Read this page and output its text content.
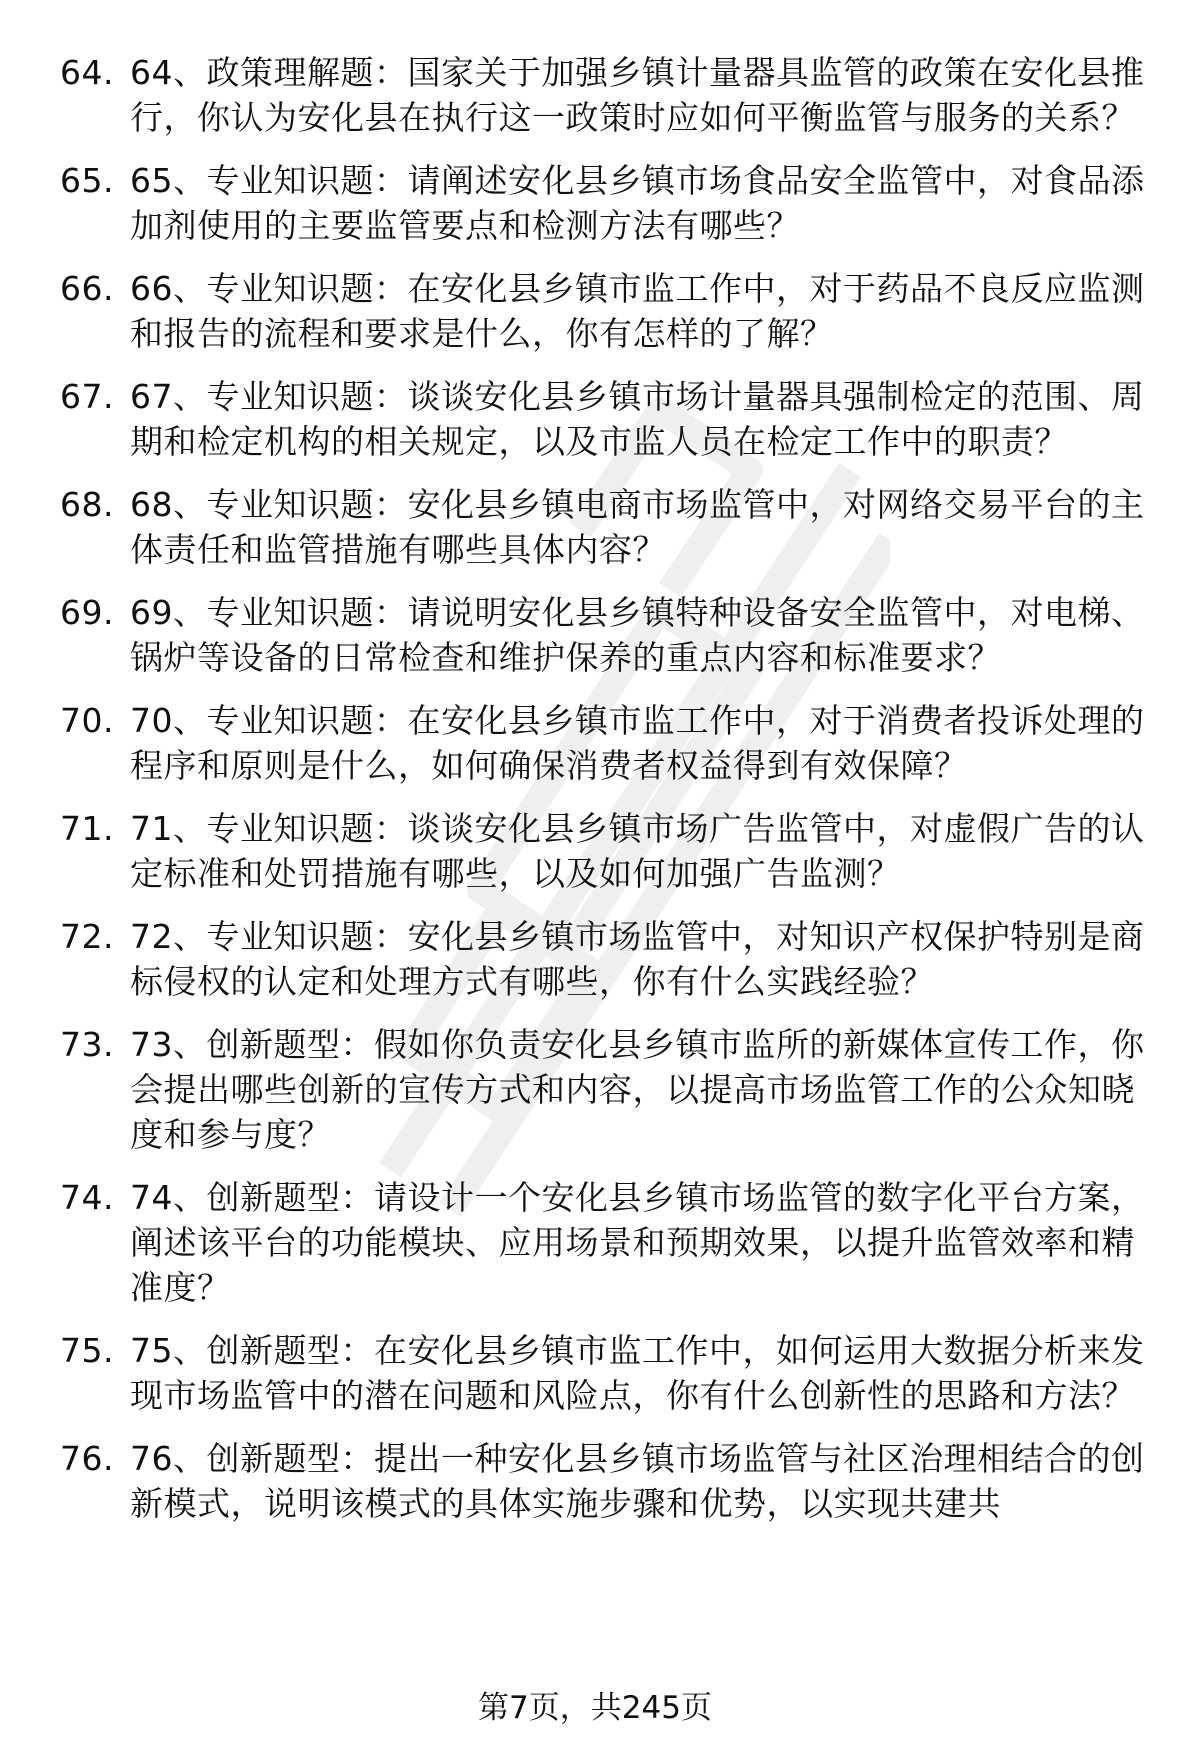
64. 64、政策理解题：国家关于加强乡镇计量器具监管的政策在安化县推行，你认为安化县在执行这一政策时应如何平衡监管与服务的关系？
65. 65、专业知识题：请阐述安化县乡镇市场食品安全监管中，对食品添加剂使用的主要监管要点和检测方法有哪些？
66. 66、专业知识题：在安化县乡镇市监工作中，对于药品不良反应监测和报告的流程和要求是什么，你有怎样的了解？
67. 67、专业知识题：谈谈安化县乡镇市场计量器具强制检定的范围、周期和检定机构的相关规定，以及市监人员在检定工作中的职责？
68. 68、专业知识题：安化县乡镇电商市场监管中，对网络交易平台的主体责任和监管措施有哪些具体内容？
69. 69、专业知识题：请说明安化县乡镇特种设备安全监管中，对电梯、锅炉等设备的日常检查和维护保养的重点内容和标准要求？
70. 70、专业知识题：在安化县乡镇市监工作中，对于消费者投诉处理的程序和原则是什么，如何确保消费者权益得到有效保障？
71. 71、专业知识题：谈谈安化县乡镇市场广告监管中，对虚假广告的认定标准和处罚措施有哪些，以及如何加强广告监测？
72. 72、专业知识题：安化县乡镇市场监管中，对知识产权保护特别是商标侵权的认定和处理方式有哪些，你有什么实践经验？
73. 73、创新题型：假如你负责安化县乡镇市监所的新媒体宣传工作，你会提出哪些创新的宣传方式和内容，以提高市场监管工作的公众知晓度和参与度？
74. 74、创新题型：请设计一个安化县乡镇市场监管的数字化平台方案，阐述该平台的功能模块、应用场景和预期效果，以提升监管效率和精准度？
75. 75、创新题型：在安化县乡镇市监工作中，如何运用大数据分析来发现市场监管中的潜在问题和风险点，你有什么创新性的思路和方法？
76. 76、创新题型：提出一种安化县乡镇市场监管与社区治理相结合的创新模式，说明该模式的具体实施步骤和优势，以实现共建共
第7页，共245页
